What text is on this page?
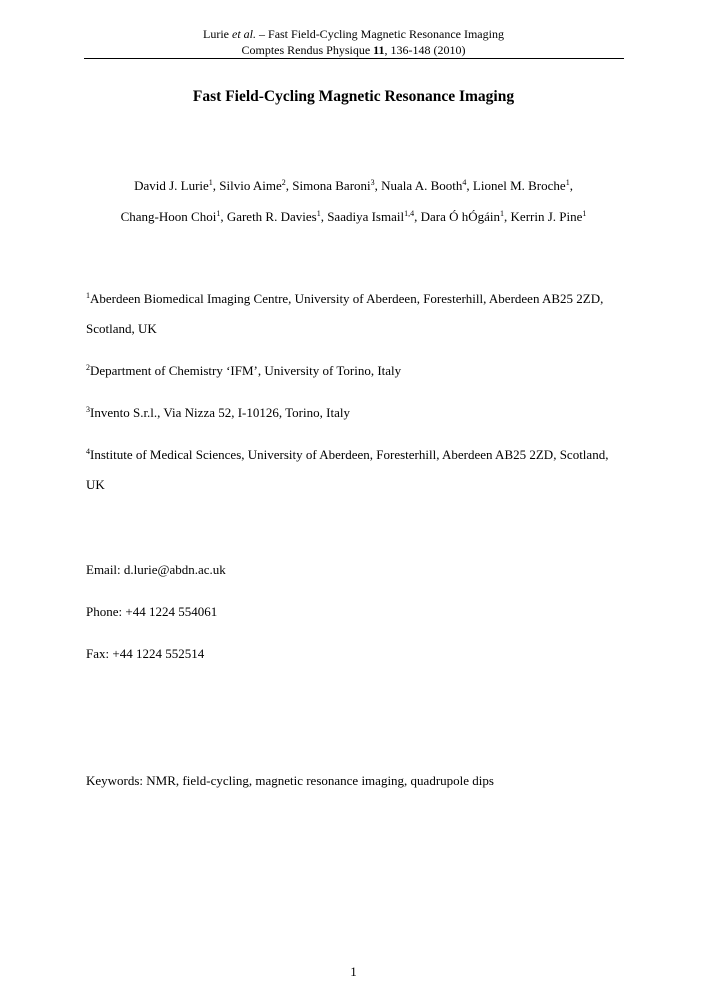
Lurie et al. – Fast Field-Cycling Magnetic Resonance Imaging
Comptes Rendus Physique 11, 136-148 (2010)
Fast Field-Cycling Magnetic Resonance Imaging
David J. Lurie$^1$, Silvio Aime$^2$, Simona Baroni$^3$, Nuala A. Booth$^4$, Lionel M. Broche$^1$,
Chang-Hoon Choi$^1$, Gareth R. Davies$^1$, Saadiya Ismail$^{1,4}$, Dara Ó hÓgáin$^1$, Kerrin J. Pine$^1$
$^1$Aberdeen Biomedical Imaging Centre, University of Aberdeen, Foresterhill, Aberdeen AB25 2ZD,
Scotland, UK
$^2$Department of Chemistry ‘IFM’, University of Torino, Italy
$^3$Invento S.r.l., Via Nizza 52, I-10126, Torino, Italy
$^4$Institute of Medical Sciences, University of Aberdeen, Foresterhill, Aberdeen AB25 2ZD, Scotland,
UK
Email: d.lurie@abdn.ac.uk
Phone: +44 1224 554061
Fax: +44 1224 552514
Keywords: NMR, field-cycling, magnetic resonance imaging, quadrupole dips
1
